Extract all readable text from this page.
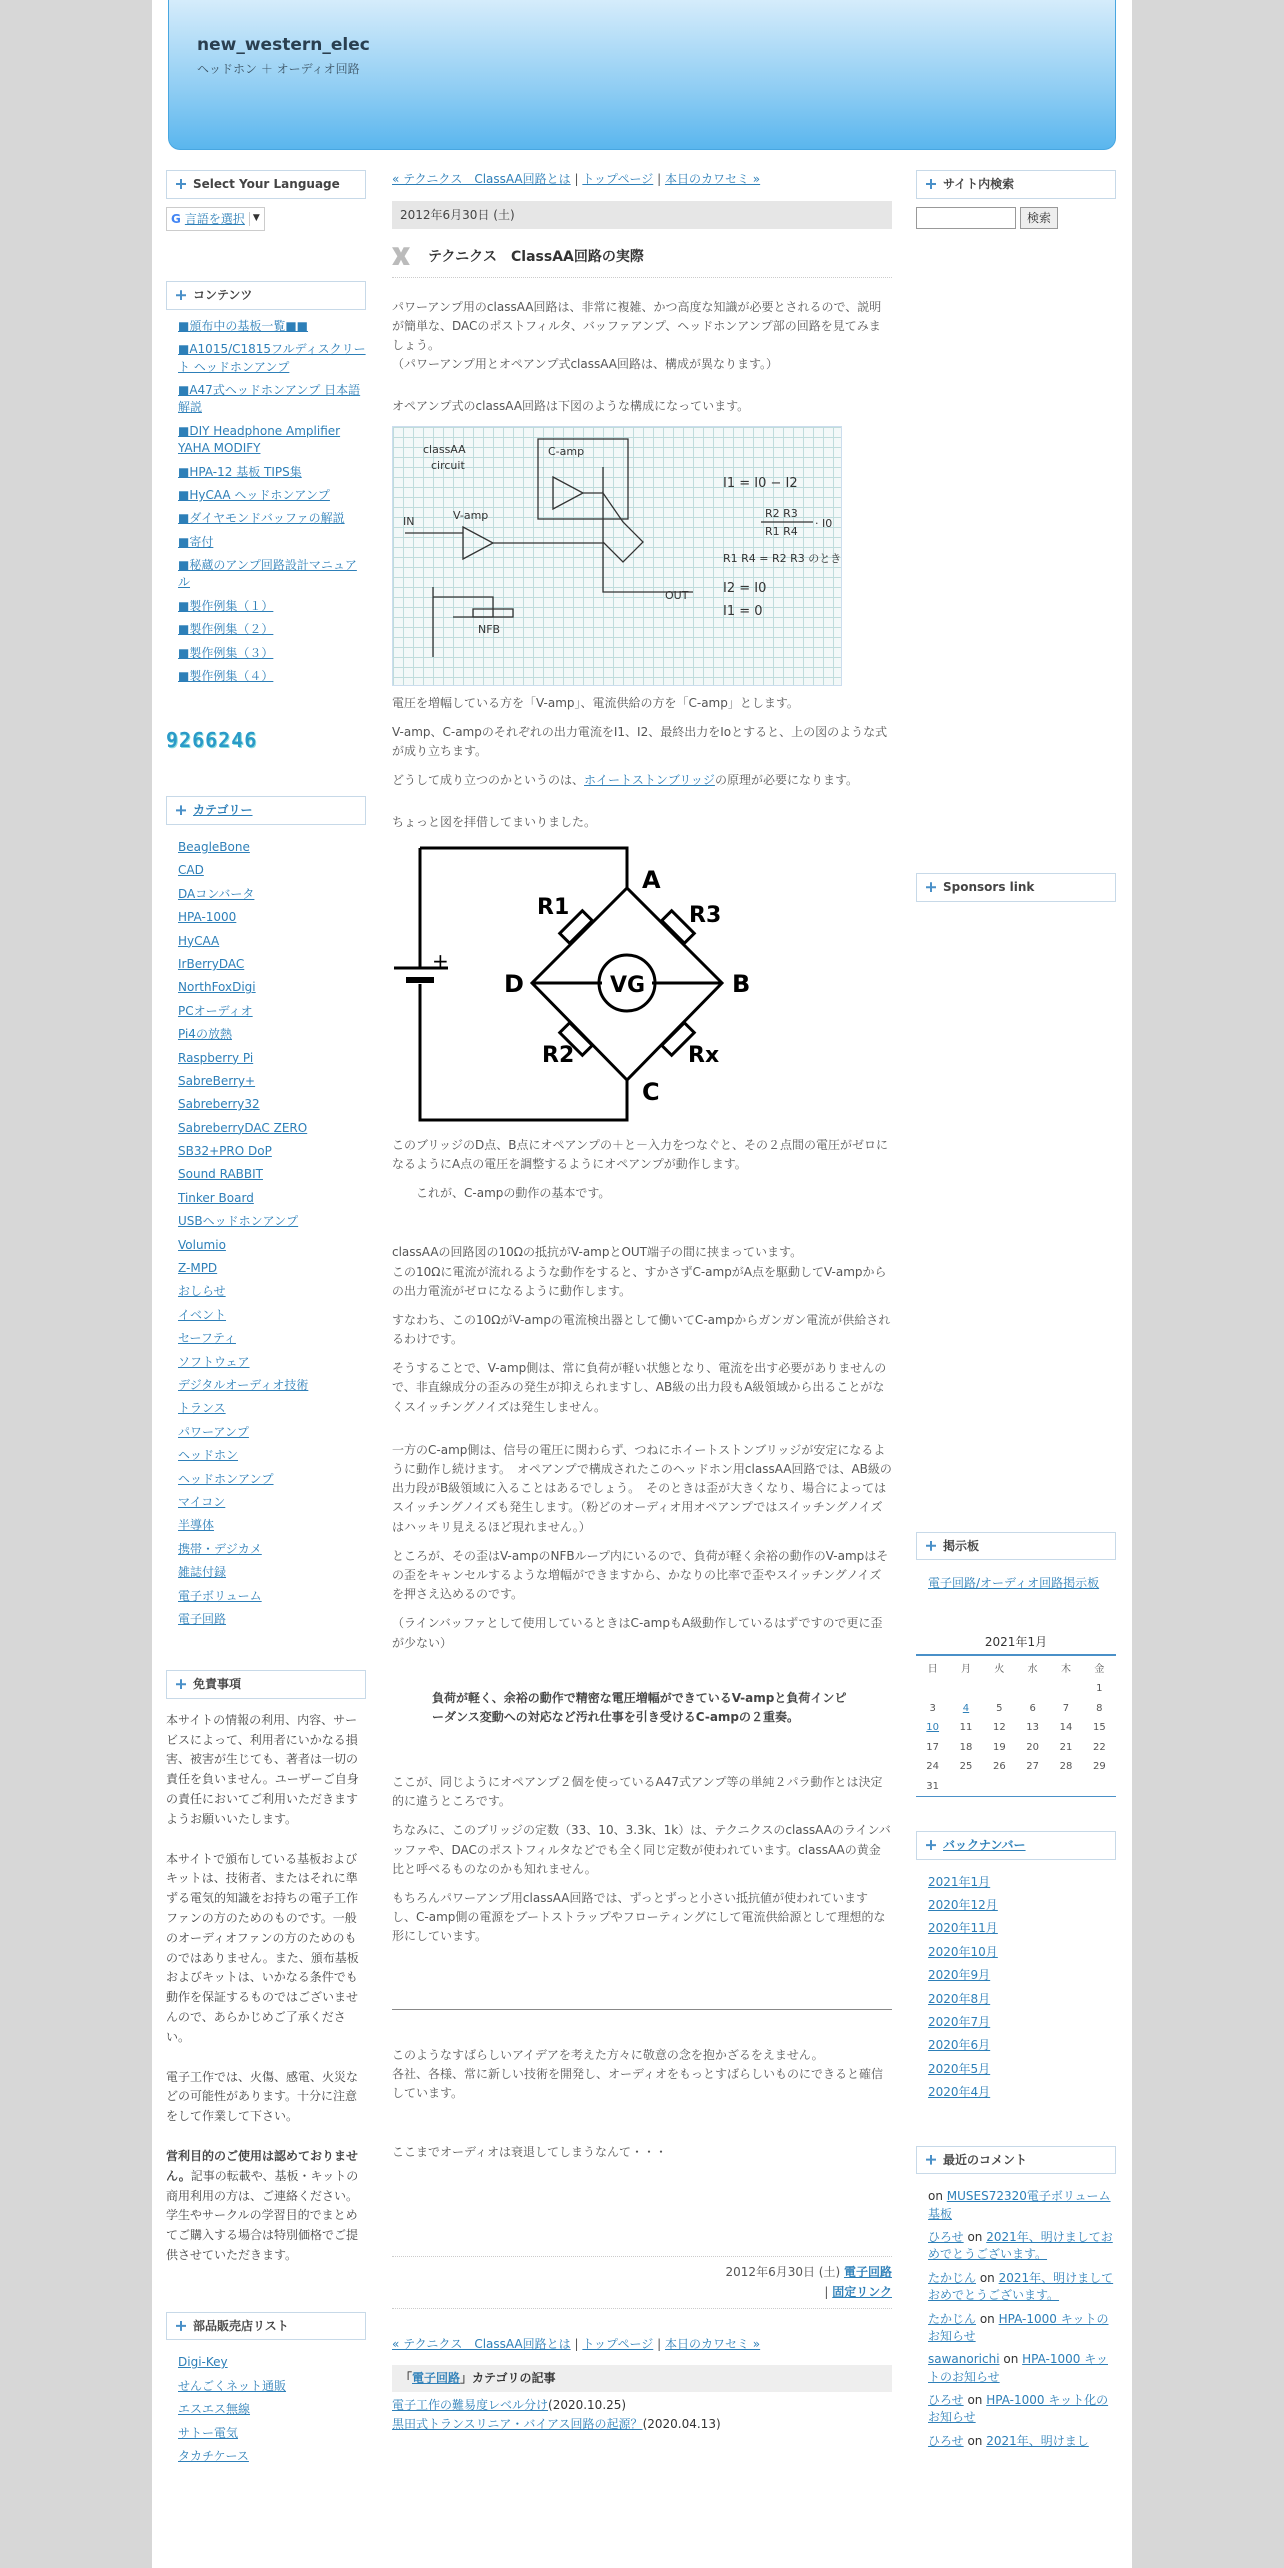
new_western_elec
ヘッドホン ＋ オーディオ回路
Select Your Language
G 言語を選択 ▼
コンテンツ
■頒布中の基板一覧■■
■A1015/C1815フルディスクリート ヘッドホンアンプ
■A47式ヘッドホンアンプ 日本語解説
■DIY Headphone Amplifier YAHA MODIFY
■HPA-12 基板 TIPS集
■HyCAA ヘッドホンアンプ
■ダイヤモンドバッファの解説
■寄付
■秘蔵のアンプ回路設計マニュアル
■製作例集（１）
■製作例集（２）
■製作例集（３）
■製作例集（４）
9266246
カテゴリー
BeagleBone
CAD
DAコンバータ
HPA-1000
HyCAA
IrBerryDAC
NorthFoxDigi
PCオーディオ
Pi4の放熱
Raspberry Pi
SabreBerry+
Sabreberry32
SabreberryDAC ZERO
SB32+PRO DoP
Sound RABBIT
Tinker Board
USBヘッドホンアンプ
Volumio
Z-MPD
おしらせ
イベント
セーフティ
ソフトウェア
デジタルオーディオ技術
トランス
パワーアンプ
ヘッドホン
ヘッドホンアンプ
マイコン
半導体
携帯・デジカメ
雑誌付録
電子ボリューム
電子回路
免責事項

本サイトの情報の利用、内容、サービスによって、利用者にいかなる損害、被害が生じても、著者は一切の責任を負いません。ユーザーご自身の責任においてご利用いただきますようお願いいたします。

本サイトで頒布している基板およびキットは、技術者、またはそれに準ずる電気的知識をお持ちの電子工作ファンの方のためのものです。一般のオーディオファンの方のためのものではありません。また、頒布基板およびキットは、いかなる条件でも動作を保証するものではございませんので、あらかじめご了承ください。

電子工作では、火傷、感電、火災などの可能性があります。十分に注意をして作業して下さい。

営利目的のご使用は認めておりません。記事の転載や、基板・キットの商用利用の方は、ご連絡ください。学生やサークルの学習目的でまとめてご購入する場合は特別価格でご提供させていただきます。

部品販売店リスト
Digi-Key
せんごくネット通販
エスエス無線
サトー電気
タカチケース
« テクニクス　ClassAA回路とは | トップページ | 本日のカワセミ »
2012年6月30日 (土)
テクニクス　ClassAA回路の実際

パワーアンプ用のclassAA回路は、非常に複雑、かつ高度な知識が必要とされるので、説明が簡単な、DACのポストフィルタ、バッファアンプ、ヘッドホンアンプ部の回路を見てみましょう。
（パワーアンプ用とオペアンプ式classAA回路は、構成が異なります。）

オペアンプ式のclassAA回路は下図のような構成になっています。

classAA
circuit
C-amp
V-amp
IN
OUT
NFB
I1 = I0 − I2
R2 R3
R1 R4
· I0
R1 R4 = R2 R3 のとき
I2 = I0
I1 = 0

電圧を増幅している方を「V-amp」、電流供給の方を「C-amp」とします。

V-amp、C-ampのそれぞれの出力電流をI1、I2、最終出力をIoとすると、上の図のような式が成り立ちます。

どうして成り立つのかというのは、ホイートストンブリッジの原理が必要になります。

ちょっと図を拝借してまいりました。

+
A
B
C
D
R1	R3
R2	Rx
VG

このブリッジのD点、B点にオペアンプの＋と－入力をつなぐと、その２点間の電圧がゼロになるようにA点の電圧を調整するようにオペアンプが動作します。

これが、C-ampの動作の基本です。

classAAの回路図の10Ωの抵抗がV-ampとOUT端子の間に挟まっています。
この10Ωに電流が流れるような動作をすると、すかさずC-ampがA点を駆動してV-ampからの出力電流がゼロになるように動作します。

すなわち、この10ΩがV-ampの電流検出器として働いてC-ampからガンガン電流が供給されるわけです。

そうすることで、V-amp側は、常に負荷が軽い状態となり、電流を出す必要がありませんので、非直線成分の歪みの発生が抑えられますし、AB級の出力段もA級領域から出ることがなくスイッチングノイズは発生しません。

一方のC-amp側は、信号の電圧に関わらず、つねにホイートストンブリッジが安定になるように動作し続けます。　オペアンプで構成されたこのヘッドホン用classAA回路では、AB級の出力段がB級領域に入ることはあるでしょう。　そのときは歪が大きくなり、場合によってはスイッチングノイズも発生します。（粉どのオーディオ用オペアンプではスイッチングノイズはハッキリ見えるほど現れません。）

ところが、その歪はV-ampのNFBループ内にいるので、負荷が軽く余裕の動作のV-ampはその歪をキャンセルするような増幅ができますから、かなりの比率で歪やスイッチングノイズを押さえ込めるのです。

（ラインバッファとして使用しているときはC-ampもA級動作しているはずですので更に歪が少ない）

負荷が軽く、余裕の動作で精密な電圧増幅ができているV-ampと負荷インピーダンス変動への対応など汚れ仕事を引き受けるC-ampの２重奏。

ここが、同じようにオペアンプ２個を使っているA47式アンプ等の単純２パラ動作とは決定的に違うところです。

ちなみに、このブリッジの定数（33、10、3.3k、1k）は、テクニクスのclassAAのラインバッファや、DACのポストフィルタなどでも全く同じ定数が使われています。classAAの黄金比と呼べるものなのかも知れません。

もちろんパワーアンプ用classAA回路では、ずっとずっと小さい抵抗値が使われていますし、C-amp側の電源をブートストラップやフローティングにして電流供給源として理想的な形にしています。

このようなすばらしいアイデアを考えた方々に敬意の念を抱かざるをえません。
各社、各様、常に新しい技術を開発し、オーディオをもっとすばらしいものにできると確信しています。

ここまでオーディオは衰退してしまうなんて・・・

2012年6月30日 (土) 電子回路
| 固定リンク
« テクニクス　ClassAA回路とは | トップページ | 本日のカワセミ »
「電子回路」カテゴリの記事
電子工作の難易度レベル分け(2020.10.25)
黒田式トランスリニア・バイアス回路の起源？(2020.04.13)
サイト内検索
検索
Sponsors link
掲示板
電子回路/オーディオ回路掲示板
2021年1月
日	月	火	水	木	金
					1
3	4	5	6	7	8
10	11	12	13	14	15
17	18	19	20	21	22
24	25	26	27	28	29
31					
バックナンバー
2021年1月
2020年12月
2020年11月
2020年10月
2020年9月
2020年8月
2020年7月
2020年6月
2020年5月
2020年4月
最近のコメント
on MUSES72320電子ボリューム基板
ひろせ on 2021年、明けましておめでとうございます。
たかじん on 2021年、明けましておめでとうございます。
たかじん on HPA-1000 キットのお知らせ
sawanorichi on HPA-1000 キットのお知らせ
ひろせ on HPA-1000 キット化のお知らせ
ひろせ on 2021年、明けまし
